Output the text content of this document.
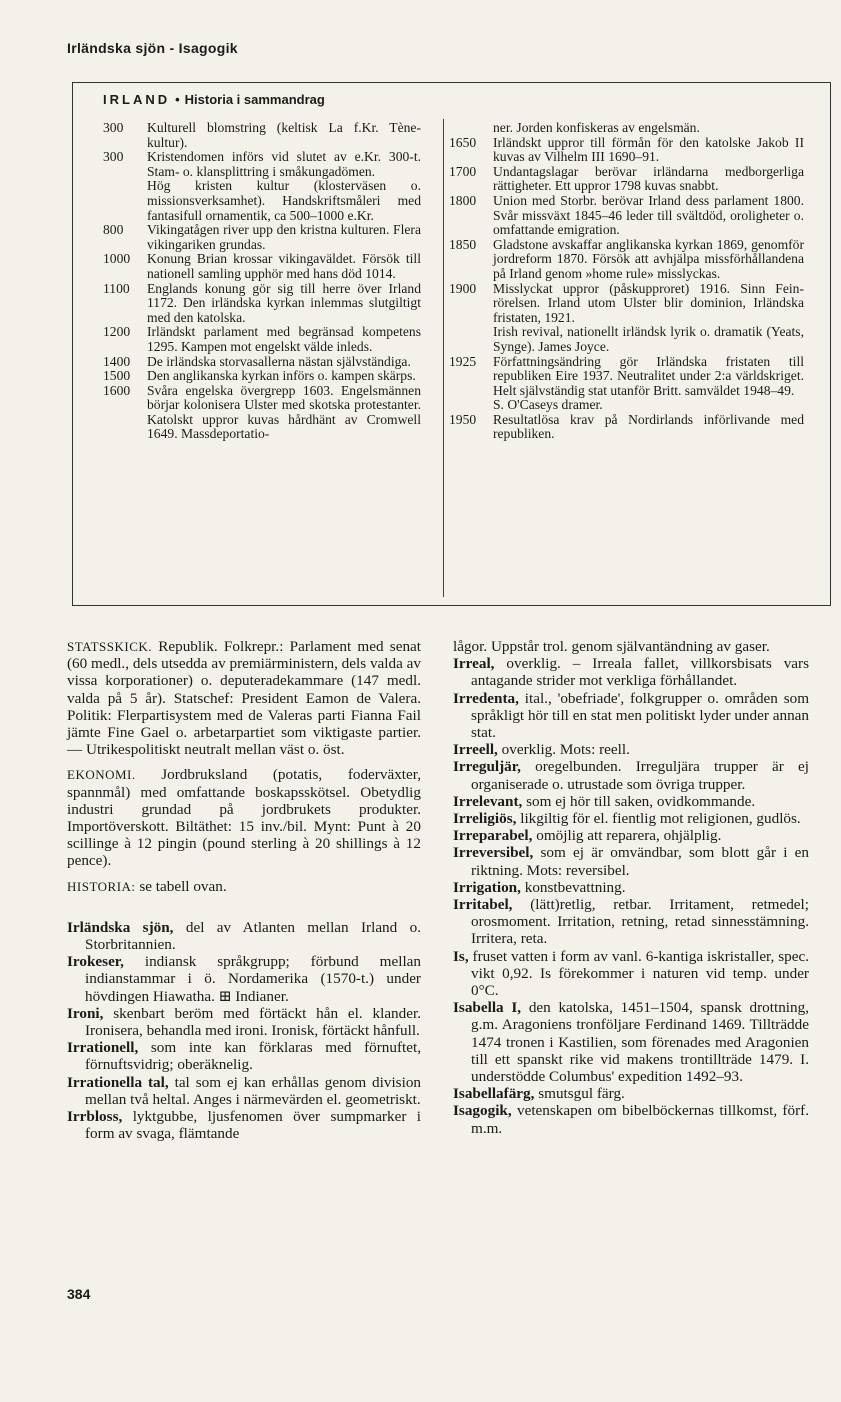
Irländska sjön - Isagogik
IRLAND • Historia i sammandrag
300	Kulturell blomstring (keltisk La f.Kr. Tène-kultur).
300	Kristendomen införs vid slutet av e.Kr. 300-t. Stam- o. klansplittring i småkungadömen.
Hög kristen kultur (klosterväsen o. missionsverksamhet). Handskriftsmåleri med fantasifull ornamentik, ca 500–1000 e.Kr.
800	Vikingatågen river upp den kristna kulturen. Flera vikingariken grundas.
1000	Konung Brian krossar vikingaväldet. Försök till nationell samling upphör med hans död 1014.
1100	Englands konung gör sig till herre över Irland 1172. Den irländska kyrkan inlemmas slutgiltigt med den katolska.
1200	Irländskt parlament med begränsad kompetens 1295. Kampen mot engelskt välde inleds.
1400	De irländska storvasallerna nästan självständiga.
1500	Den anglikanska kyrkan införs o. kampen skärps.
1600	Svåra engelska övergrepp 1603. Engelsmännen börjar kolonisera Ulster med skotska protestanter. Katolskt uppror kuvas hårdhänt av Cromwell 1649. Massdeportatio-
ner. Jorden konfiskeras av engelsmän.
1650	Irländskt uppror till förmån för den katolske Jakob II kuvas av Vilhelm III 1690–91.
1700	Undantagslagar berövar irländarna medborgerliga rättigheter. Ett uppror 1798 kuvas snabbt.
1800	Union med Storbr. berövar Irland dess parlament 1800. Svår missväxt 1845–46 leder till svältdöd, oroligheter o. omfattande emigration.
1850	Gladstone avskaffar anglikanska kyrkan 1869, genomför jordreform 1870. Försök att avhjälpa missförhållandena på Irland genom »home rule» misslyckas.
1900	Misslyckat uppror (påskupproret) 1916. Sinn Fein-rörelsen. Irland utom Ulster blir dominion, Irländska fristaten, 1921.
Irish revival, nationellt irländsk lyrik o. dramatik (Yeats, Synge). James Joyce.
1925	Författningsändring gör Irländska fristaten till republiken Eire 1937. Neutralitet under 2:a världskriget. Helt självständig stat utanför Britt. samväldet 1948–49.
S. O'Caseys dramer.
1950	Resultatlösa krav på Nordirlands införlivande med republiken.

STATSSKICK. Republik. Folkrepr.: Parlament med senat (60 medl., dels utsedda av premiärministern, dels valda av vissa korporationer) o. deputeradekammare (147 medl. valda på 5 år). Statschef: President Eamon de Valera. Politik: Flerpartisystem med de Valeras parti Fianna Fail jämte Fine Gael o. arbetarpartiet som viktigaste partier. — Utrikespolitiskt neutralt mellan väst o. öst.

EKONOMI. Jordbruksland (potatis, foderväxter, spannmål) med omfattande boskapsskötsel. Obetydlig industri grundad på jordbrukets produkter. Importöverskott. Biltäthet: 15 inv./bil. Mynt: Punt à 20 scillinge à 12 pingin (pound sterling à 20 shillings à 12 pence).

HISTORIA: se tabell ovan.

Irländska sjön, del av Atlanten mellan Irland o. Storbritannien.

Irokeser, indiansk språkgrupp; förbund mellan indianstammar i ö. Nordamerika (1570-t.) under hövdingen Hiawatha. ⊞ Indianer.

Ironi, skenbart beröm med förtäckt hån el. klander. Ironisera, behandla med ironi. Ironisk, förtäckt hånfull.

Irrationell, som inte kan förklaras med förnuftet, förnuftsvidrig; oberäknelig.

Irrationella tal, tal som ej kan erhållas genom division mellan två heltal. Anges i närmevärden el. geometriskt.

Irrbloss, lyktgubbe, ljusfenomen över sumpmarker i form av svaga, flämtande

lågor. Uppstår trol. genom självantändning av gaser.

Irreal, overklig. – Irreala fallet, villkorsbisats vars antagande strider mot verkliga förhållandet.

Irredenta, ital., 'obefriade', folkgrupper o. områden som språkligt hör till en stat men politiskt lyder under annan stat.

Irreell, overklig. Mots: reell.

Irreguljär, oregelbunden. Irreguljära trupper är ej organiserade o. utrustade som övriga trupper.

Irrelevant, som ej hör till saken, ovidkommande.

Irreligiös, likgiltig för el. fientlig mot religionen, gudlös.

Irreparabel, omöjlig att reparera, ohjälplig.

Irreversibel, som ej är omvändbar, som blott går i en riktning. Mots: reversibel.

Irrigation, konstbevattning.

Irritabel, (lätt)retlig, retbar. Irritament, retmedel; orosmoment. Irritation, retning, retad sinnesstämning. Irritera, reta.

Is, fruset vatten i form av vanl. 6-kantiga iskristaller, spec. vikt 0,92. Is förekommer i naturen vid temp. under 0°C.

Isabella I, den katolska, 1451–1504, spansk drottning, g.m. Aragoniens tronföljare Ferdinand 1469. Tillträdde 1474 tronen i Kastilien, som förenades med Aragonien till ett spanskt rike vid makens trontillträde 1479. I. understödde Columbus' expedition 1492–93.

Isabellafärg, smutsgul färg.

Isagogik, vetenskapen om bibelböckernas tillkomst, förf. m.m.

384
